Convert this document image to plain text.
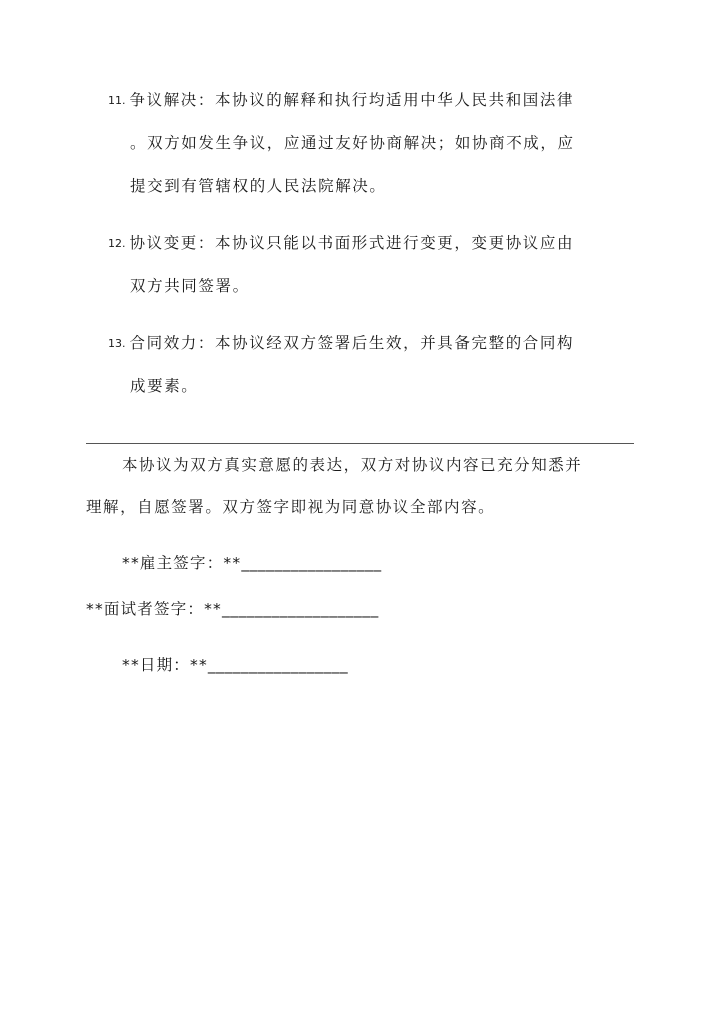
11. 争议解决：本协议的解释和执行均适用中华人民共和国法律
。双方如发生争议，应通过友好协商解决；如协商不成，应
提交到有管辖权的人民法院解决。
12. 协议变更：本协议只能以书面形式进行变更，变更协议应由
双方共同签署。
13. 合同效力：本协议经双方签署后生效，并具备完整的合同构
成要素。
本协议为双方真实意愿的表达，双方对协议内容已充分知悉并
理解，自愿签署。双方签字即视为同意协议全部内容。
**雇主签字：**_________________
**面试者签字：**___________________
**日期：**_________________
